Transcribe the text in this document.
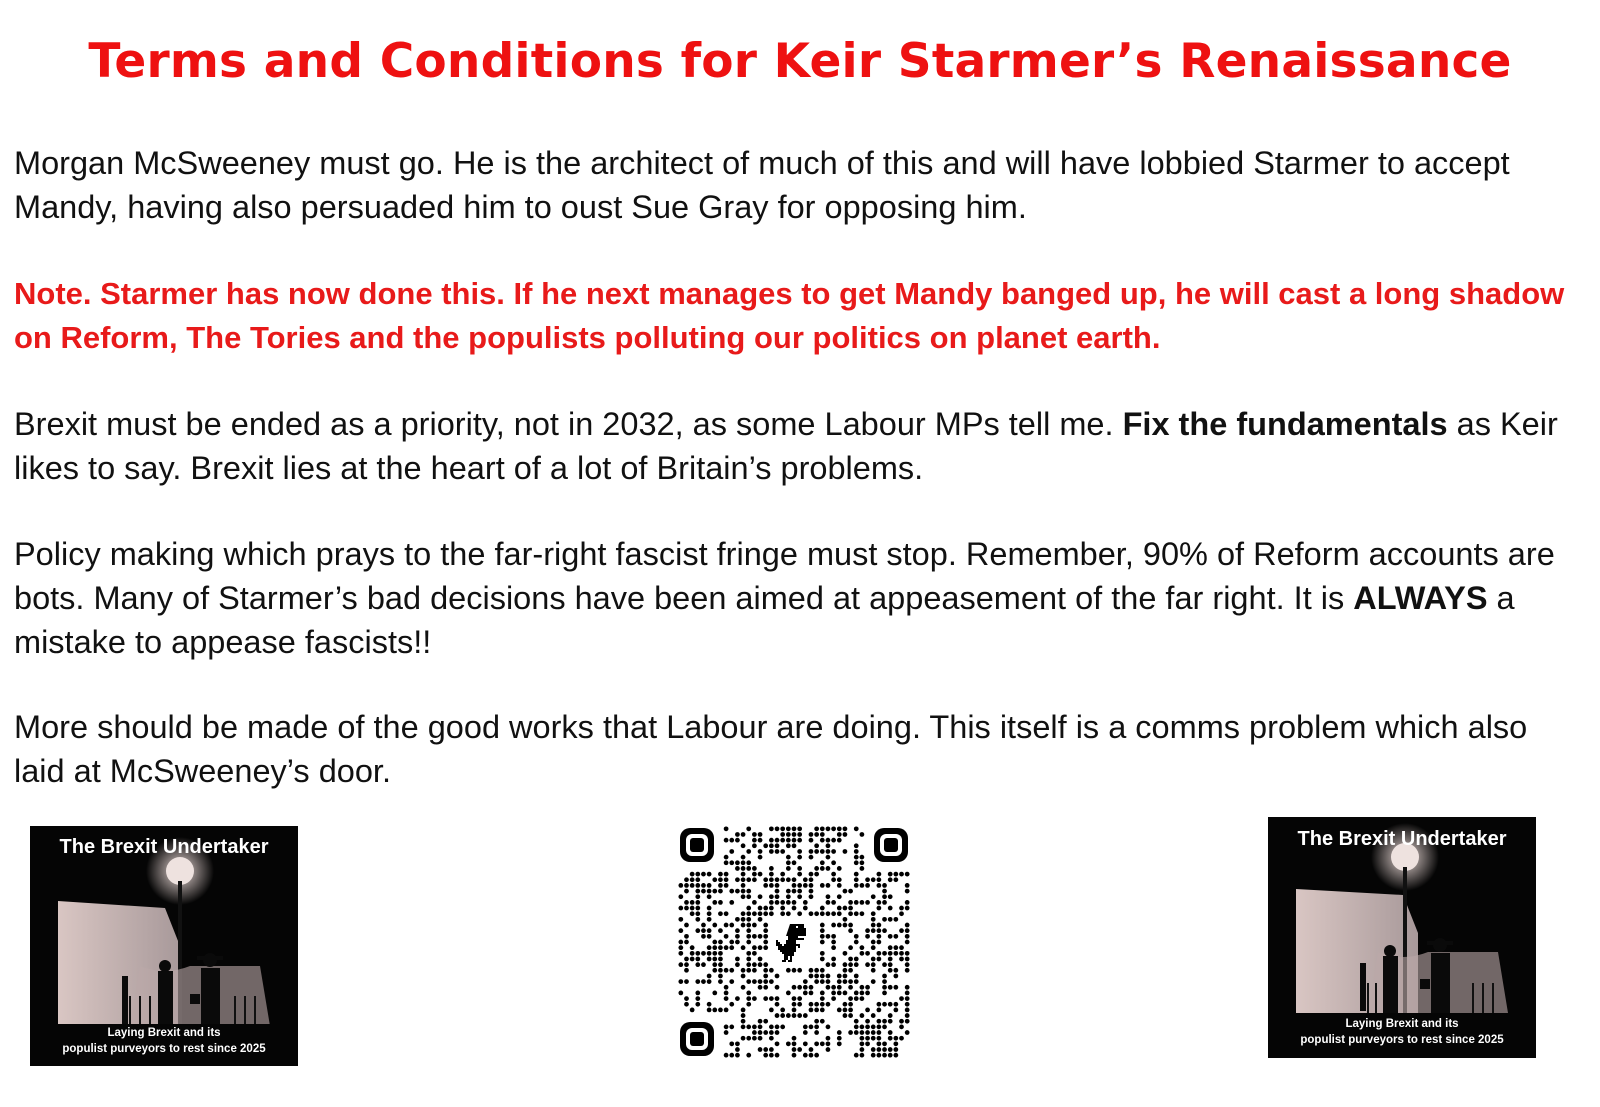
Terms and Conditions for Keir Starmer’s Renaissance

Morgan McSweeney must go. He is the architect of much of this and will have lobbied Starmer to accept Mandy, having also persuaded him to oust Sue Gray for opposing him.

Note. Starmer has now done this. If he next manages to get Mandy banged up, he will cast a long shadow on Reform, The Tories and the populists polluting our politics on planet earth.

Brexit must be ended as a priority, not in 2032, as some Labour MPs tell me. Fix the fundamentals as Keir likes to say. Brexit lies at the heart of a lot of Britain’s problems.

Policy making which prays to the far-right fascist fringe must stop. Remember, 90% of Reform accounts are bots. Many of Starmer’s bad decisions have been aimed at appeasement of the far right. It is ALWAYS a mistake to appease fascists!!

More should be made of the good works that Labour are doing. This itself is a comms problem which also laid at McSweeney’s door.

The Brexit Undertaker
Laying Brexit and its
populist purveyors to rest since 2025
The Brexit Undertaker
Laying Brexit and its
populist purveyors to rest since 2025
